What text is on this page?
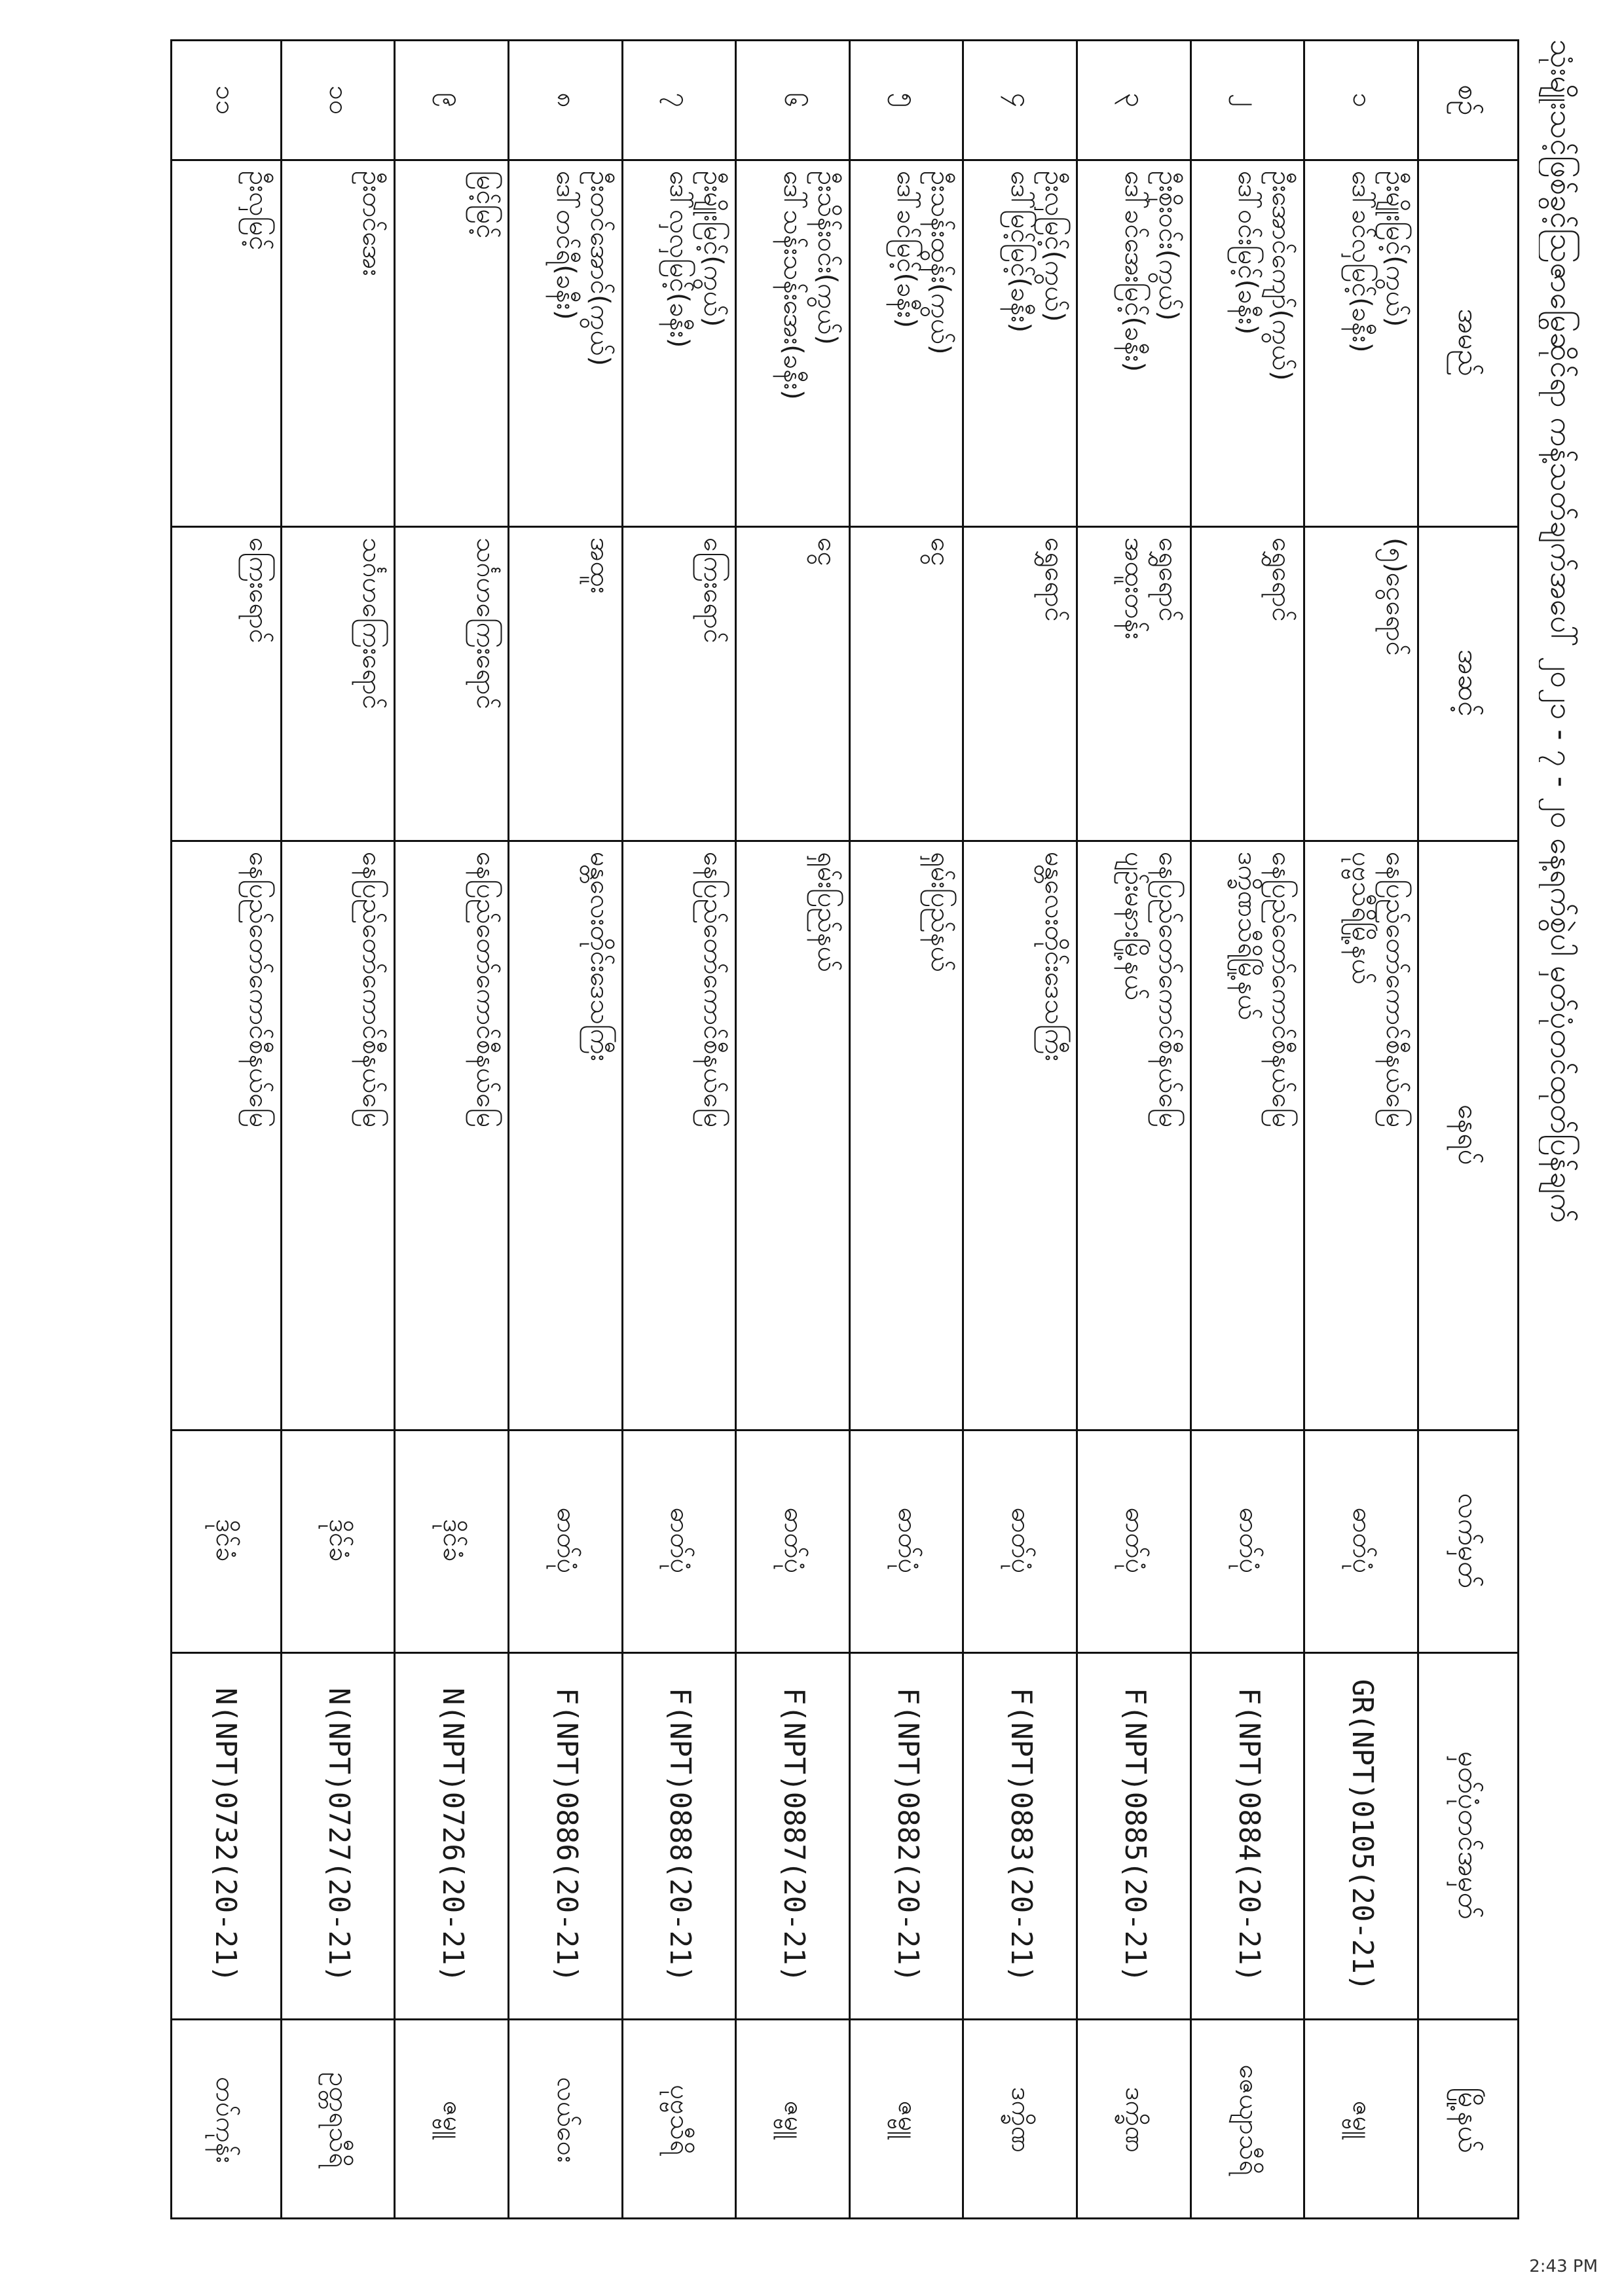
သုံးမျိုးသင့်ဖြစ်ခွင့်သြဇာမြွေဆိုင်ရာ ကန့်သတ်ချက်အပေါ် ၂၀၂၁ - ၇ - ၂၀ နေ့ရက်စွဲပါ မှတ်ပုံတင်ထုတ်ပြန်ချက်
စဉ်
အမည်
အဆင့်
နေရပ်
လက်မှတ်
မှတ်ပုံတင်အမှတ်
မြို့နယ်
၁
ဦးမျိုးမြင့်(ကွယ်)
ဒေါ်ခင်လှမြင့်(ခနီး)
(၅)ငွေရောင်
နေပြည်တော်ကောင်စီနယ်မြေ
ပုဗ္ဗသီရိမြို့နယ်
ဓာတ်ပုံ
GR(NPT)0105(20-21)
ဇမ္ဗူ
၂
ဦးအောင်ကျော်(ကွယ်)
ဒေါ်ဝင်းမြင့်(ခနီး)
ရွှေရောင်
နေပြည်တော်ကောင်စီနယ်မြေ
ဒက္ခိဏသီရိမြို့နယ်
ဓာတ်ပုံ
F(NPT)0884(20-21)
ဇေယျာသီရိ
၃
ဦးစိုးဝင်း(ကွယ်)
ဒေါ်ခင်အေးမြင့်(ခနီး)
ရွှေရောင်
အထူးတန်း
နေပြည်တော်ကောင်စီနယ်မြေ
ပျဉ်းမနားမြို့နယ်
ဓာတ်ပုံ
F(NPT)0885(20-21)
ဒက္ခိဏ
၄
ဦးလှမြင့်(ကွယ်)
ဒေါ်မြင့်မြင့်(ခနီး)
ရွှေရောင်
မန္တလေးတိုင်းဒေသကြီး
ဓာတ်ပုံ
F(NPT)0883(20-21)
ဒက္ခိဏ
၅
ဦးသန်းထွန်း(ကွယ်)
ဒေါ်ခင်မြင့်(ခနီး)
ငွေ
ရှမ်းပြည်နယ်
ဓာတ်ပုံ
F(NPT)0882(20-21)
ဇမ္ဗူ
၆
ဦးသိန်းဝင်း(ကွယ်)
ဒေါ်သန်းသန်းအေး(ခနီး)
ငွေ
ရှမ်းပြည်နယ်
ဓာတ်ပုံ
F(NPT)0887(20-21)
ဇမ္ဗူ
၇
ဦးမျိုးမြင့်(ကွယ်)
ဒေါ်လှလှမြင့်(ခနီး)
ကြေးရောင်
နေပြည်တော်ကောင်စီနယ်မြေ
ဓာတ်ပုံ
F(NPT)0888(20-21)
ပုဗ္ဗသီရိ
၈
ဦးတင်အောင်(ကွယ်)
ဒေါ်တင်ရီ(ခနီး)
အထူး
မန္တလေးတိုင်းဒေသကြီး
ဓာတ်ပုံ
F(NPT)0886(20-21)
လယ်ဝေး
၉
မြင့်မြင့်
သင်္ဂဟကြေးရောင်
နေပြည်တော်ကောင်စီနယ်မြေ
ဒိုင်ခံ
N(NPT)0726(20-21)
ဇမ္ဗူ
၁၀
ဦးတင်အေး
သင်္ဂဟကြေးရောင်
နေပြည်တော်ကောင်စီနယ်မြေ
ဒိုင်ခံ
N(NPT)0727(20-21)
ဥတ္တရသီရိ
၁၁
ဦးလှမြင့်
ကြေးရောင်
နေပြည်တော်ကောင်စီနယ်မြေ
ဒိုင်ခံ
N(NPT)0732(20-21)
တပ်ကုန်း
2:43 PM
